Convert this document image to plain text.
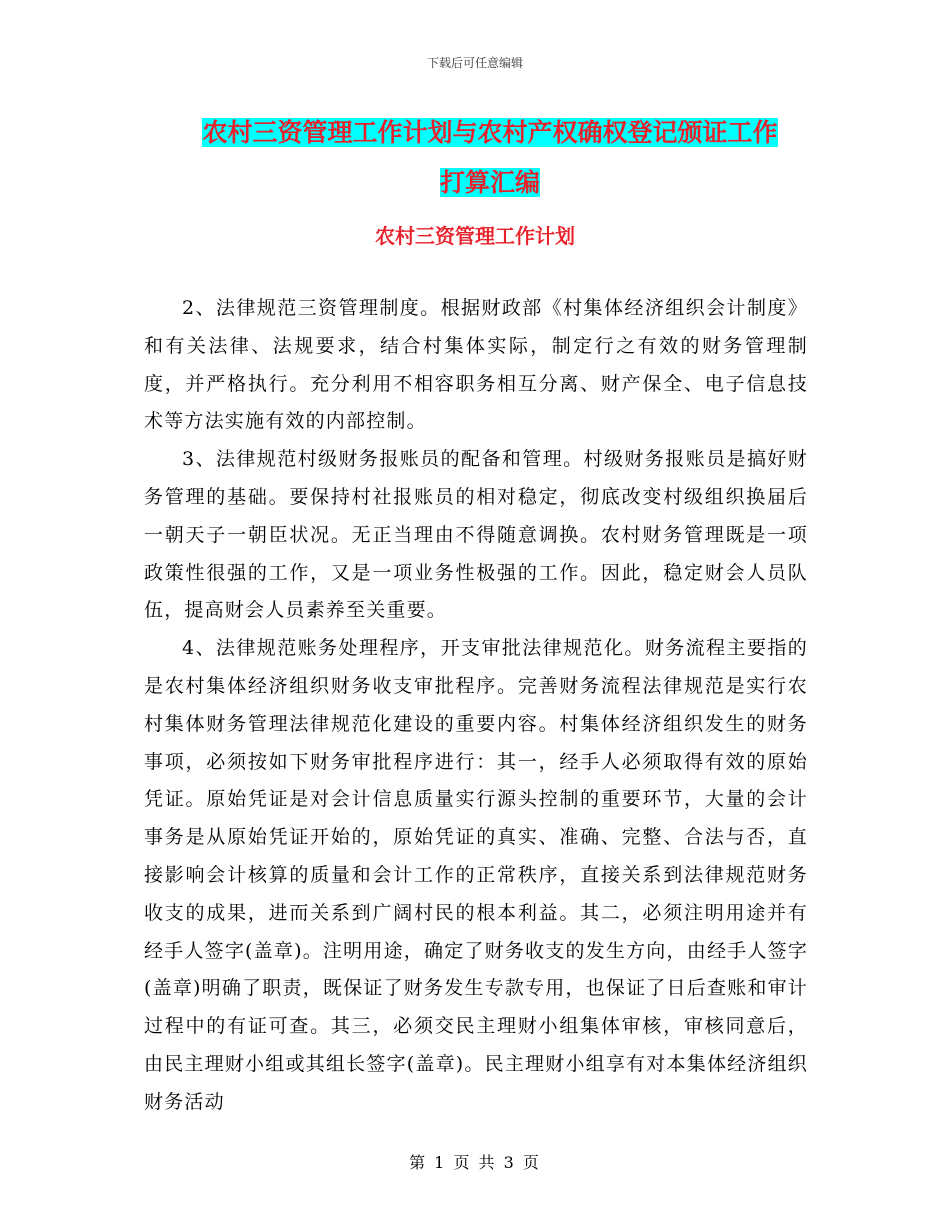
下载后可任意编辑
农村三资管理工作计划与农村产权确权登记颁证工作
打算汇编
农村三资管理工作计划

2、法律规范三资管理制度。根据财政部《村集体经济组织会计制度》和有关法律、法规要求，结合村集体实际，制定行之有效的财务管理制度，并严格执行。充分利用不相容职务相互分离、财产保全、电子信息技术等方法实施有效的内部控制。

3、法律规范村级财务报账员的配备和管理。村级财务报账员是搞好财务管理的基础。要保持村社报账员的相对稳定，彻底改变村级组织换届后一朝天子一朝臣状况。无正当理由不得随意调换。农村财务管理既是一项政策性很强的工作，又是一项业务性极强的工作。因此，稳定财会人员队伍，提高财会人员素养至关重要。

4、法律规范账务处理程序，开支审批法律规范化。财务流程主要指的是农村集体经济组织财务收支审批程序。完善财务流程法律规范是实行农村集体财务管理法律规范化建设的重要内容。村集体经济组织发生的财务事项，必须按如下财务审批程序进行：其一，经手人必须取得有效的原始凭证。原始凭证是对会计信息质量实行源头控制的重要环节，大量的会计事务是从原始凭证开始的，原始凭证的真实、准确、完整、合法与否，直接影响会计核算的质量和会计工作的正常秩序，直接关系到法律规范财务收支的成果，进而关系到广阔村民的根本利益。其二，必须注明用途并有经手人签字(盖章)。注明用途，确定了财务收支的发生方向，由经手人签字(盖章)明确了职责，既保证了财务发生专款专用，也保证了日后查账和审计过程中的有证可查。其三，必须交民主理财小组集体审核，审核同意后，由民主理财小组或其组长签字(盖章)。民主理财小组享有对本集体经济组织财务活动

第 1 页 共 3 页
